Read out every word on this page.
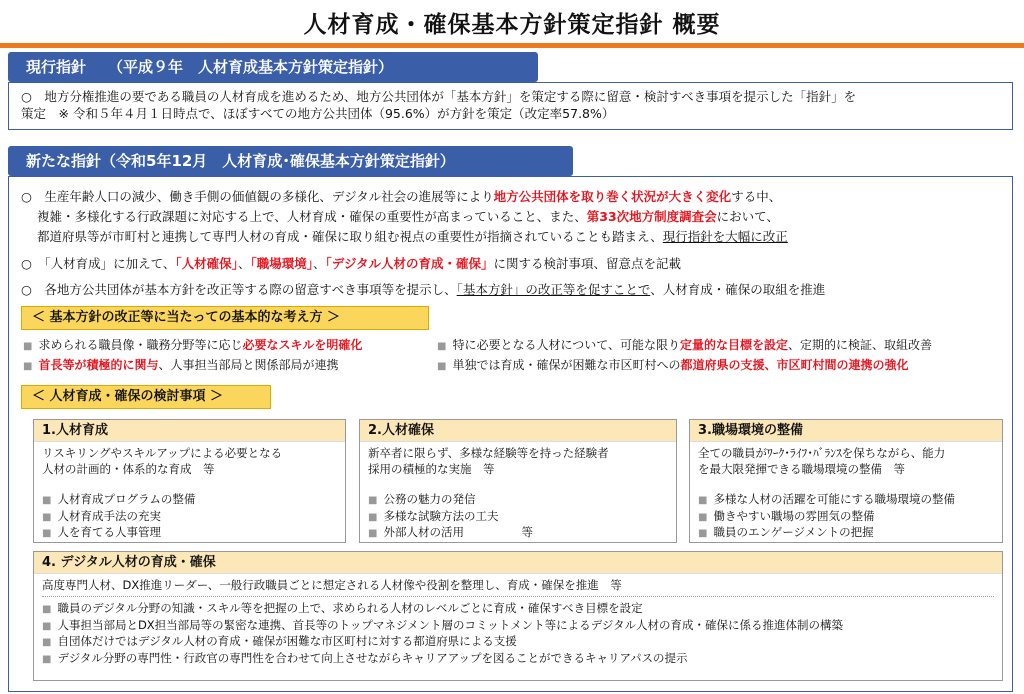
人材育成・確保基本方針策定指針 概要
現行指針 （平成９年　人材育成基本方針策定指針）
○　地方分権推進の要である職員の人材育成を進めるため、地方公共団体が「基本方針」を策定する際に留意・検討すべき事項を提示した「指針」を
策定　※ 令和５年４月１日時点で、ほぼすべての地方公共団体（95.6%）が方針を策定（改定率57.8%）
新たな指針（令和5年12月　人材育成･確保基本方針策定指針）
○　生産年齢人口の減少、働き手側の価値観の多様化、デジタル社会の進展等により地方公共団体を取り巻く状況が大きく変化する中、
複雑・多様化する行政課題に対応する上で、人材育成・確保の重要性が高まっていること、また、第33次地方制度調査会において、
都道府県等が市町村と連携して専門人材の育成・確保に取り組む視点の重要性が指摘されていることも踏まえ、現行指針を大幅に改正
○　「人材育成」に加えて、「人材確保」、「職場環境」、「デジタル人材の育成・確保」に関する検討事項、留意点を記載
○　各地方公共団体が基本方針を改正等する際の留意すべき事項等を提示し、「基本方針」の改正等を促すことで、人材育成・確保の取組を推進
＜ 基本方針の改正等に当たっての基本的な考え方 ＞
■ 求められる職員像・職務分野等に応じ必要なスキルを明確化
■ 首長等が積極的に関与、人事担当部局と関係部局が連携
■ 特に必要となる人材について、可能な限り定量的な目標を設定、定期的に検証、取組改善
■ 単独では育成・確保が困難な市区町村への都道府県の支援、市区町村間の連携の強化
＜ 人材育成・確保の検討事項 ＞
1.人材育成
リスキリングやスキルアップによる必要となる
人材の計画的・体系的な育成　等
■ 人材育成プログラムの整備
■ 人材育成手法の充実
■ 人を育てる人事管理
2.人材確保
新卒者に限らず、多様な経験等を持った経験者
採用の積極的な実施　等
■ 公務の魅力の発信
■ 多様な試験方法の工夫
■ 外部人材の活用　　　　　等
3.職場環境の整備
全ての職員がﾜｰｸ･ﾗｲﾌ･ﾊﾞﾗﾝｽを保ちながら、能力
を最大限発揮できる職場環境の整備　等
■ 多様な人材の活躍を可能にする職場環境の整備
■ 働きやすい職場の雰囲気の整備
■ 職員のエンゲージメントの把握
4. デジタル人材の育成・確保
高度専門人材、DX推進リーダー、一般行政職員ごとに想定される人材像や役割を整理し、育成・確保を推進　等
■ 職員のデジタル分野の知識・スキル等を把握の上で、求められる人材のレベルごとに育成・確保すべき目標を設定
■ 人事担当部局とDX担当部局等の緊密な連携、首長等のトップマネジメント層のコミットメント等によるデジタル人材の育成・確保に係る推進体制の構築
■ 自団体だけではデジタル人材の育成・確保が困難な市区町村に対する都道府県による支援
■ デジタル分野の専門性・行政官の専門性を合わせて向上させながらキャリアアップを図ることができるキャリアパスの提示
